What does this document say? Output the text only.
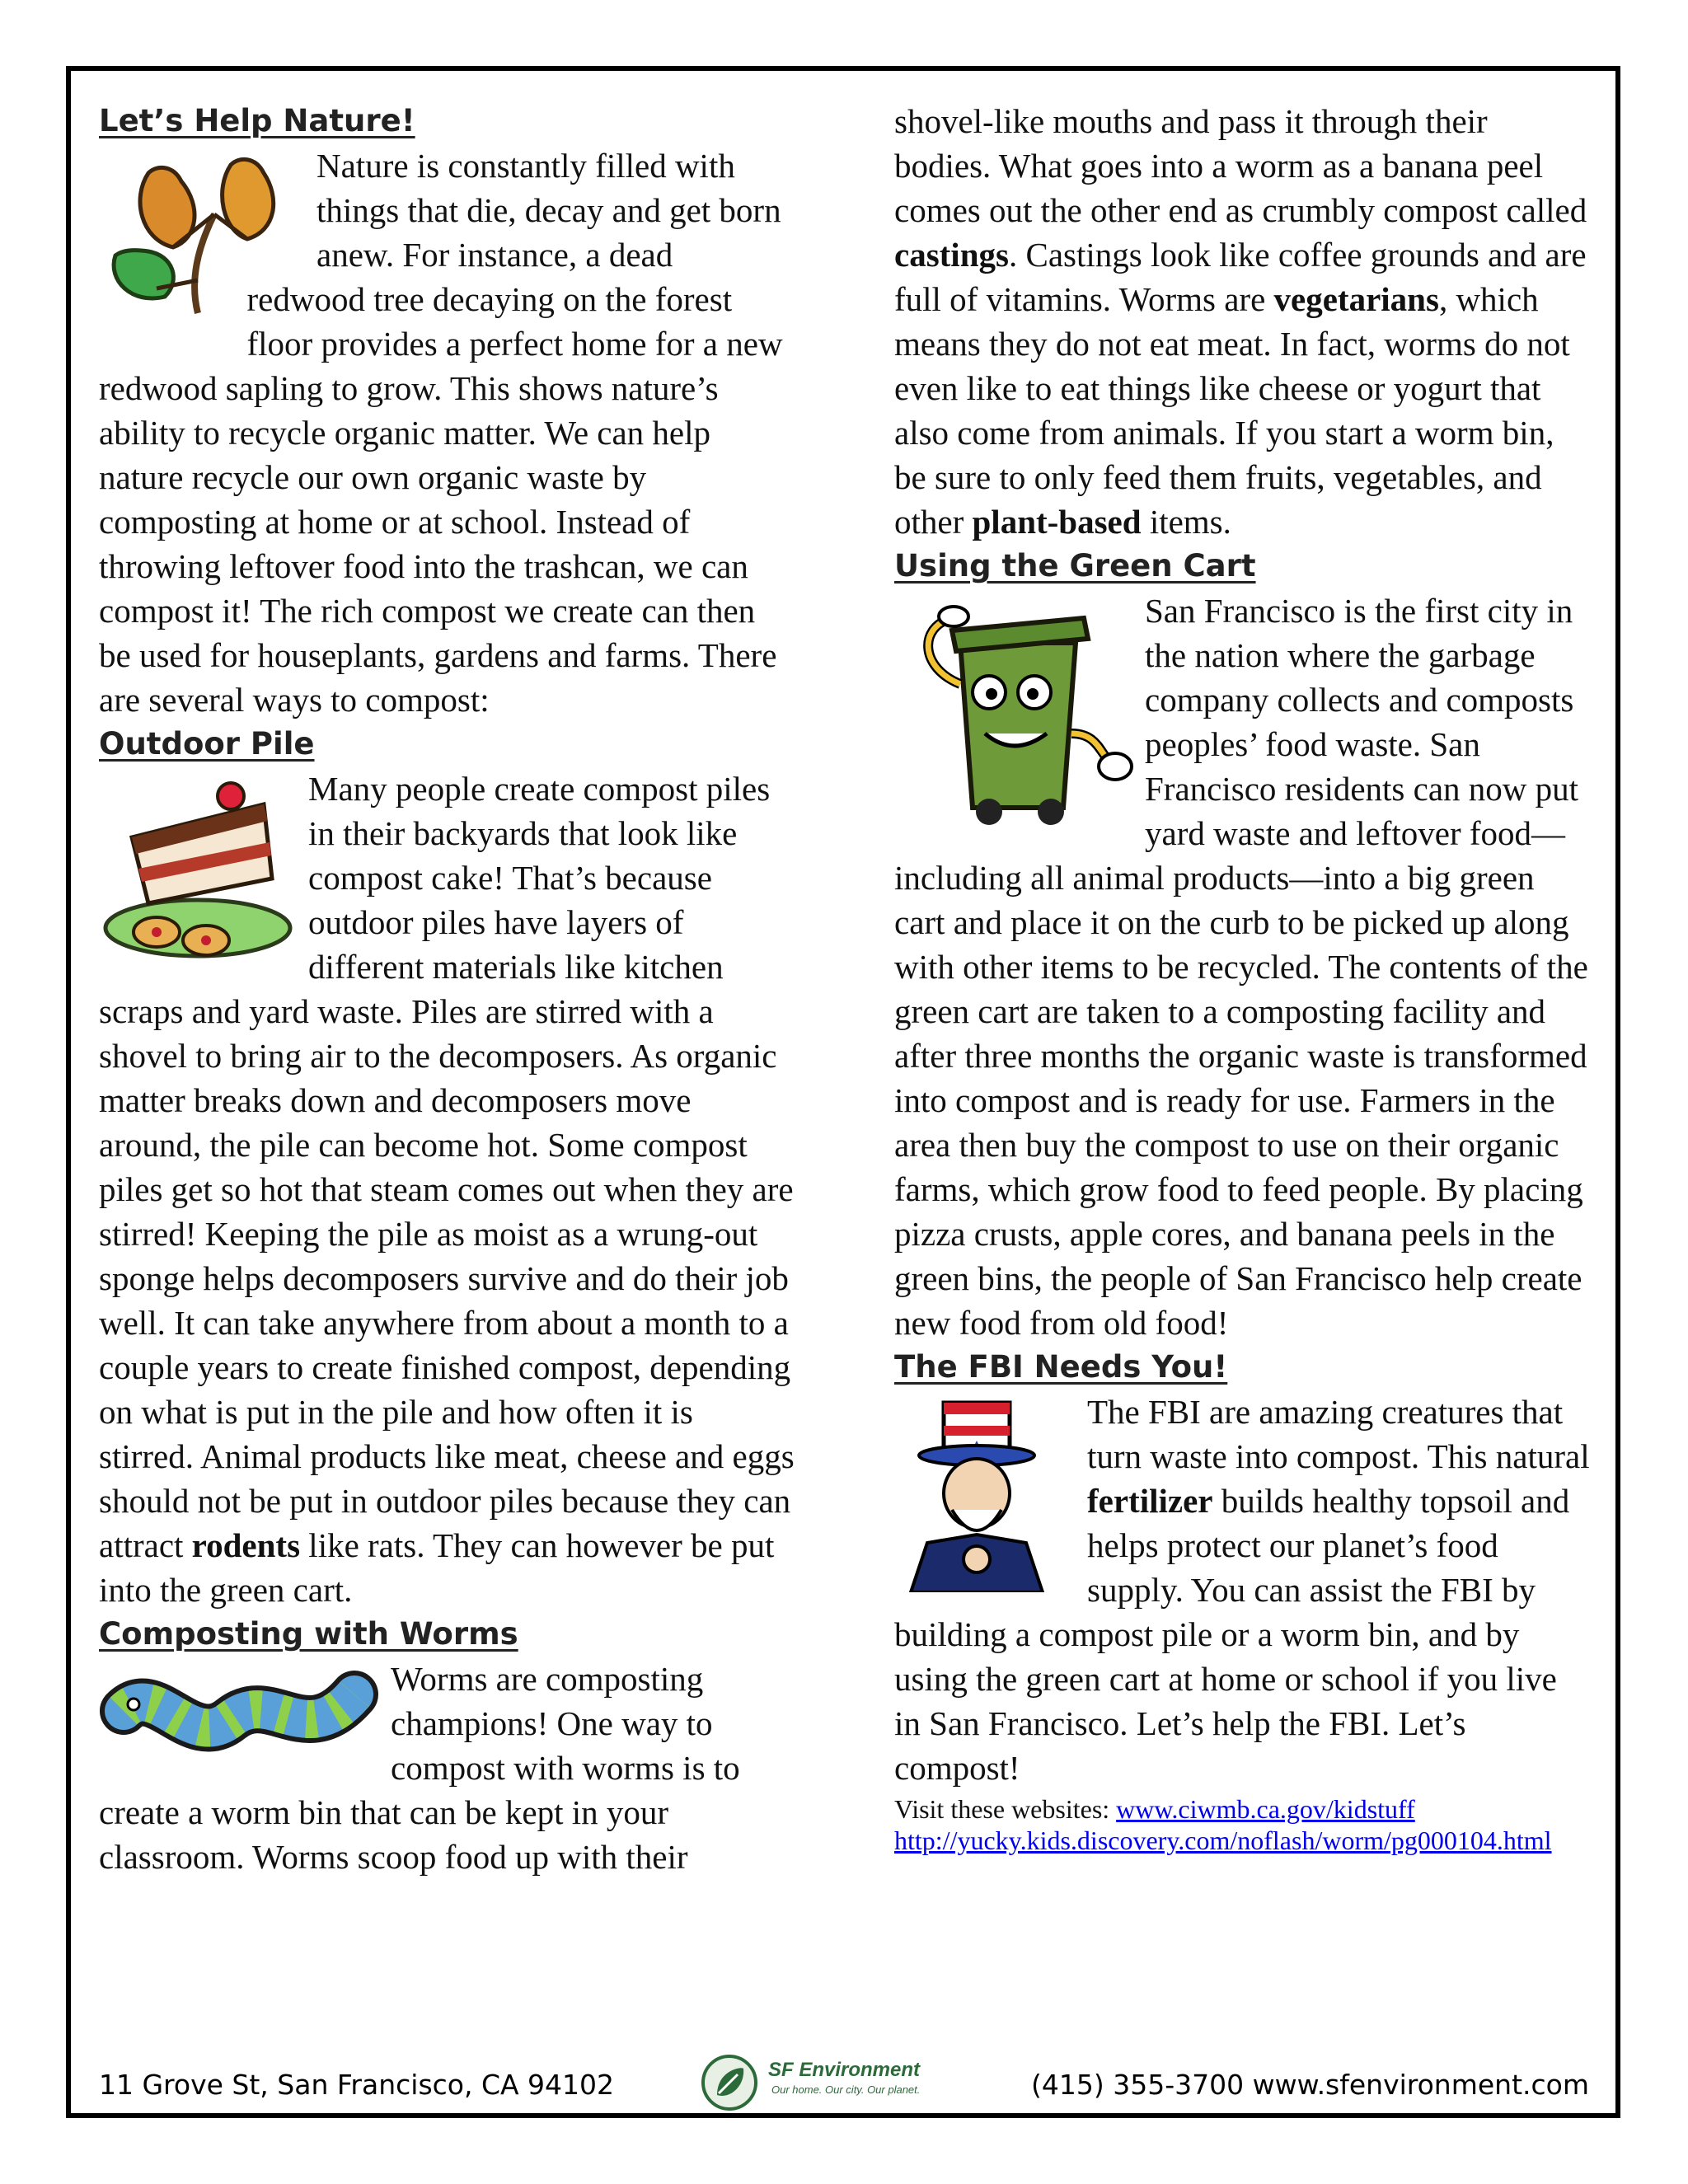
Let’s Help Nature!

Nature is constantly filled with things that die, decay and get born anew. For instance, a dead redwood tree decaying on the forest floor provides a perfect home for a new redwood sapling to grow. This shows nature’s ability to recycle organic matter. We can help nature recycle our own organic waste by composting at home or at school. Instead of throwing leftover food into the trashcan, we can compost it! The rich compost we create can then be used for houseplants, gardens and farms. There are several ways to compost:

Outdoor Pile

Many people create compost piles in their backyards that look like compost cake! That’s because outdoor piles have layers of different materials like kitchen scraps and yard waste. Piles are stirred with a shovel to bring air to the decomposers. As organic matter breaks down and decomposers move around, the pile can become hot. Some compost piles get so hot that steam comes out when they are stirred! Keeping the pile as moist as a wrung-out sponge helps decomposers survive and do their job well. It can take anywhere from about a month to a couple years to create finished compost, depending on what is put in the pile and how often it is stirred. Animal products like meat, cheese and eggs should not be put in outdoor piles because they can attract rodents like rats. They can however be put into the green cart.

Composting with Worms

Worms are composting champions! One way to compost with worms is to create a worm bin that can be kept in your classroom. Worms scoop food up with their

shovel-like mouths and pass it through their bodies. What goes into a worm as a banana peel comes out the other end as crumbly compost called castings. Castings look like coffee grounds and are full of vitamins. Worms are vegetarians, which means they do not eat meat. In fact, worms do not even like to eat things like cheese or yogurt that also come from animals. If you start a worm bin, be sure to only feed them fruits, vegetables, and other plant-based items.

Using the Green Cart

San Francisco is the first city in the nation where the garbage company collects and composts peoples’ food waste. San Francisco residents can now put yard waste and leftover food—including all animal products—into a big green cart and place it on the curb to be picked up along with other items to be recycled. The contents of the green cart are taken to a composting facility and after three months the organic waste is transformed into compost and is ready for use. Farmers in the area then buy the compost to use on their organic farms, which grow food to feed people. By placing pizza crusts, apple cores, and banana peels in the green bins, the people of San Francisco help create new food from old food!

The FBI Needs You!

The FBI are amazing creatures that turn waste into compost. This natural fertilizer builds healthy topsoil and helps protect our planet’s food supply. You can assist the FBI by building a compost pile or a worm bin, and by using the green cart at home or school if you live in San Francisco. Let’s help the FBI. Let’s compost!

Visit these websites: www.ciwmb.ca.gov/kidstuff
http://yucky.kids.discovery.com/noflash/worm/pg000104.html
11 Grove St, San Francisco, CA 94102	SF Environment
Our home. Our city. Our planet.	(415) 355-3700 www.sfenvironment.com
